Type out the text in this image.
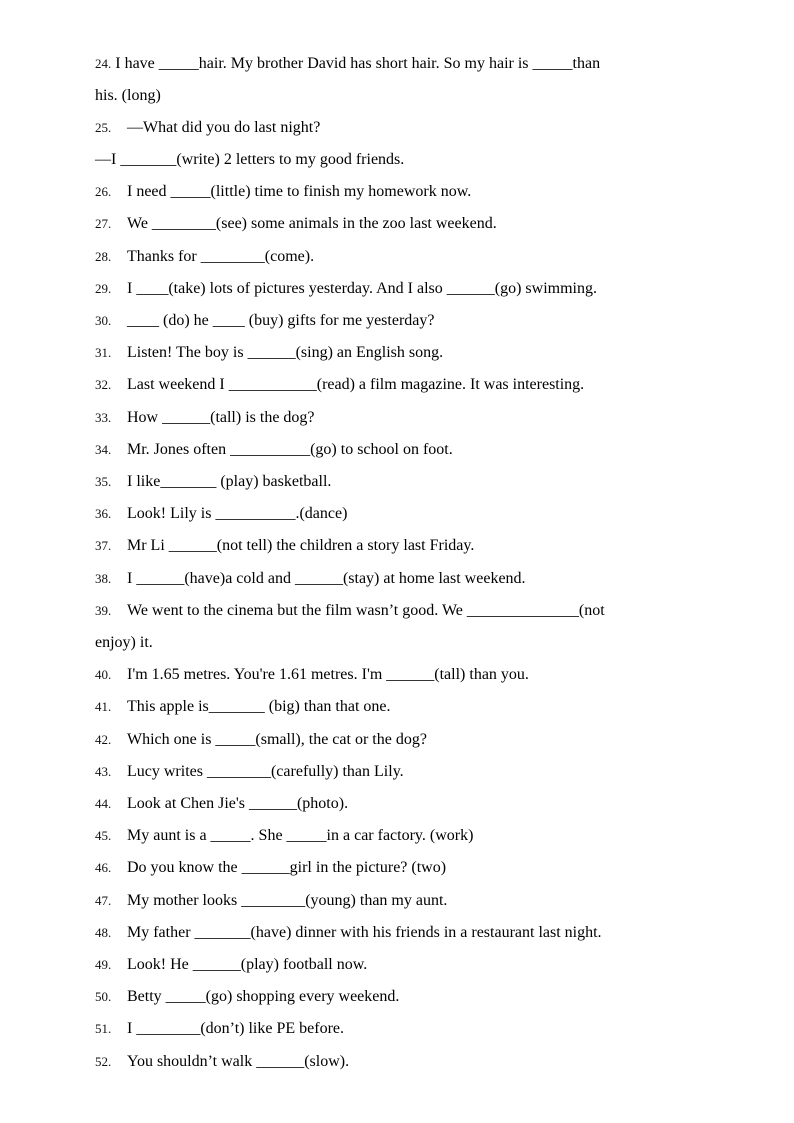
24. I have _____hair. My brother David has short hair. So my hair is _____than
his. (long)
25. —What did you do last night?
—I _______(write) 2 letters to my good friends.
26. I need _____(little) time to finish my homework now.
27. We ________(see) some animals in the zoo last weekend.
28. Thanks for ________(come).
29. I ____(take) lots of pictures yesterday. And I also ______(go) swimming.
30. ____ (do) he ____ (buy) gifts for me yesterday?
31. Listen! The boy is ______(sing) an English song.
32. Last weekend I ___________(read) a film magazine. It was interesting.
33. How ______(tall) is the dog?
34. Mr. Jones often __________(go) to school on foot.
35. I like_______ (play) basketball.
36. Look! Lily is __________.(dance)
37. Mr Li ______(not tell) the children a story last Friday.
38. I ______(have)a cold and ______(stay) at home last weekend.
39. We went to the cinema but the film wasn’t good. We ______________(not
enjoy) it.
40. I'm 1.65 metres. You're 1.61 metres. I'm ______(tall) than you.
41. This apple is_______ (big) than that one.
42. Which one is _____(small), the cat or the dog?
43. Lucy writes ________(carefully) than Lily.
44. Look at Chen Jie's ______(photo).
45. My aunt is a _____. She _____in a car factory. (work)
46. Do you know the ______girl in the picture? (two)
47. My mother looks ________(young) than my aunt.
48. My father _______(have) dinner with his friends in a restaurant last night.
49. Look! He ______(play) football now.
50. Betty _____(go) shopping every weekend.
51. I ________(don’t) like PE before.
52. You shouldn’t walk ______(slow).
